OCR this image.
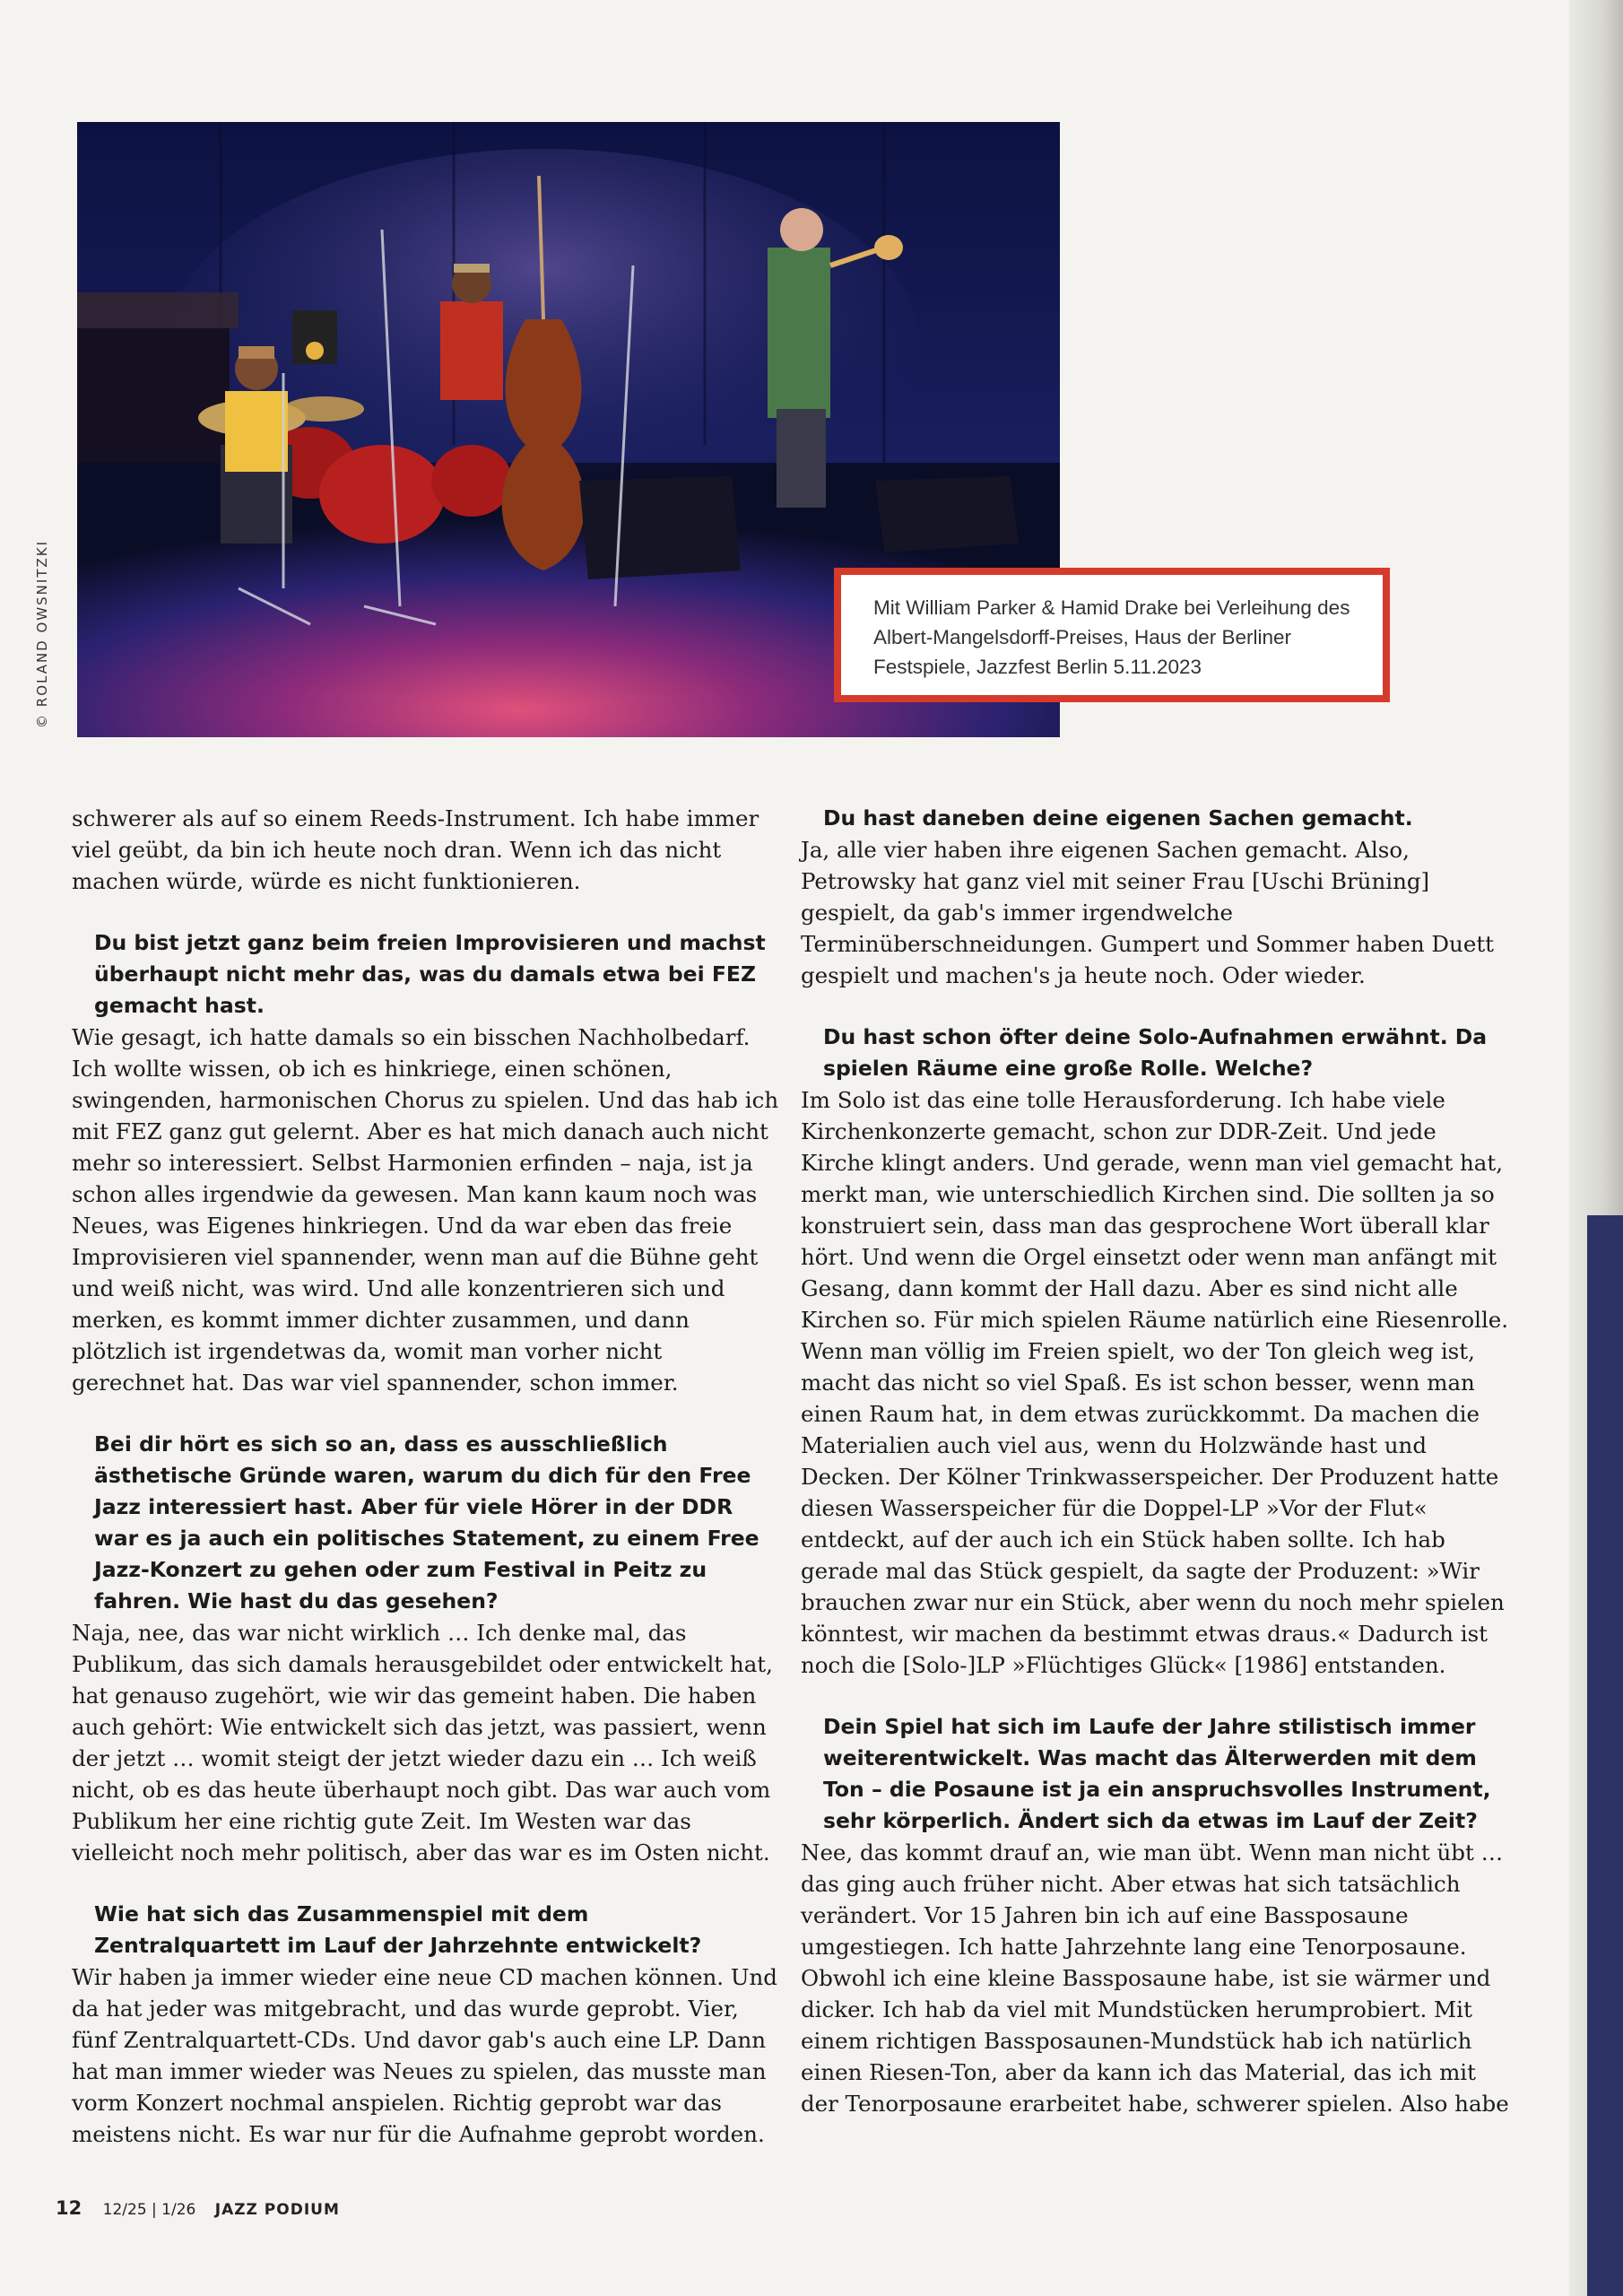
© ROLAND OWSNITZKI	Mit William Parker & Hamid Drake bei Verleihung des Albert-Mangelsdorff-Preises, Haus der Berliner Festspiele, Jazzfest Berlin 5.11.2023

schwerer als auf so einem Reeds-Instrument. Ich habe immer viel geübt, da bin ich heute noch dran. Wenn ich das nicht machen würde, würde es nicht funktionieren.

Du bist jetzt ganz beim freien Improvisieren und machst überhaupt nicht mehr das, was du damals etwa bei FEZ gemacht hast.

Wie gesagt, ich hatte damals so ein bisschen Nachholbedarf. Ich wollte wissen, ob ich es hinkriege, einen schönen, swingenden, harmonischen Chorus zu spielen. Und das hab ich mit FEZ ganz gut gelernt. Aber es hat mich danach auch nicht mehr so interessiert. Selbst Harmonien erfinden – naja, ist ja schon alles irgendwie da gewesen. Man kann kaum noch was Neues, was Eigenes hinkriegen. Und da war eben das freie Improvisieren viel spannender, wenn man auf die Bühne geht und weiß nicht, was wird. Und alle konzentrieren sich und merken, es kommt immer dichter zusammen, und dann plötzlich ist irgendetwas da, womit man vorher nicht gerechnet hat. Das war viel spannender, schon immer.

Bei dir hört es sich so an, dass es ausschließlich ästhetische Gründe waren, warum du dich für den Free Jazz interessiert hast. Aber für viele Hörer in der DDR war es ja auch ein politisches Statement, zu einem Free Jazz-Konzert zu gehen oder zum Festival in Peitz zu fahren. Wie hast du das gesehen?

Naja, nee, das war nicht wirklich … Ich denke mal, das Publikum, das sich damals herausgebildet oder entwickelt hat, hat genauso zugehört, wie wir das gemeint haben. Die haben auch gehört: Wie entwickelt sich das jetzt, was passiert, wenn der jetzt … womit steigt der jetzt wieder dazu ein … Ich weiß nicht, ob es das heute überhaupt noch gibt. Das war auch vom Publikum her eine richtig gute Zeit. Im Westen war das vielleicht noch mehr politisch, aber das war es im Osten nicht.

Wie hat sich das Zusammenspiel mit dem Zentralquartett im Lauf der Jahrzehnte entwickelt?

Wir haben ja immer wieder eine neue CD machen können. Und da hat jeder was mitgebracht, und das wurde geprobt. Vier, fünf Zentralquartett-CDs. Und davor gab's auch eine LP. Dann hat man immer wieder was Neues zu spielen, das musste man vorm Konzert nochmal anspielen. Richtig geprobt war das meistens nicht. Es war nur für die Aufnahme geprobt worden.

Du hast daneben deine eigenen Sachen gemacht.

Ja, alle vier haben ihre eigenen Sachen gemacht. Also, Petrowsky hat ganz viel mit seiner Frau [Uschi Brüning] gespielt, da gab's immer irgendwelche Terminüberschneidungen. Gumpert und Sommer haben Duett gespielt und machen's ja heute noch. Oder wieder.

Du hast schon öfter deine Solo-Aufnahmen erwähnt. Da spielen Räume eine große Rolle. Welche?

Im Solo ist das eine tolle Herausforderung. Ich habe viele Kirchenkonzerte gemacht, schon zur DDR-Zeit. Und jede Kirche klingt anders. Und gerade, wenn man viel gemacht hat, merkt man, wie unterschiedlich Kirchen sind. Die sollten ja so konstruiert sein, dass man das gesprochene Wort überall klar hört. Und wenn die Orgel einsetzt oder wenn man anfängt mit Gesang, dann kommt der Hall dazu. Aber es sind nicht alle Kirchen so. Für mich spielen Räume natürlich eine Riesenrolle. Wenn man völlig im Freien spielt, wo der Ton gleich weg ist, macht das nicht so viel Spaß. Es ist schon besser, wenn man einen Raum hat, in dem etwas zurückkommt. Da machen die Materialien auch viel aus, wenn du Holzwände hast und Decken. Der Kölner Trinkwasserspeicher. Der Produzent hatte diesen Wasserspeicher für die Doppel-LP »Vor der Flut« entdeckt, auf der auch ich ein Stück haben sollte. Ich hab gerade mal das Stück gespielt, da sagte der Produzent: »Wir brauchen zwar nur ein Stück, aber wenn du noch mehr spielen könntest, wir machen da bestimmt etwas draus.« Dadurch ist noch die [Solo-]LP »Flüchtiges Glück« [1986] entstanden.

Dein Spiel hat sich im Laufe der Jahre stilistisch immer weiterentwickelt. Was macht das Älterwerden mit dem Ton – die Posaune ist ja ein anspruchsvolles Instrument, sehr körperlich. Ändert sich da etwas im Lauf der Zeit?

Nee, das kommt drauf an, wie man übt. Wenn man nicht übt … das ging auch früher nicht. Aber etwas hat sich tatsächlich verändert. Vor 15 Jahren bin ich auf eine Bassposaune umgestiegen. Ich hatte Jahrzehnte lang eine Tenorposaune. Obwohl ich eine kleine Bassposaune habe, ist sie wärmer und dicker. Ich hab da viel mit Mundstücken herumprobiert. Mit einem richtigen Bassposaunen-Mundstück hab ich natürlich einen Riesen-Ton, aber da kann ich das Material, das ich mit der Tenorposaune erarbeitet habe, schwerer spielen. Also habe

12 12/25 | 1/26 JAZZ PODIUM
